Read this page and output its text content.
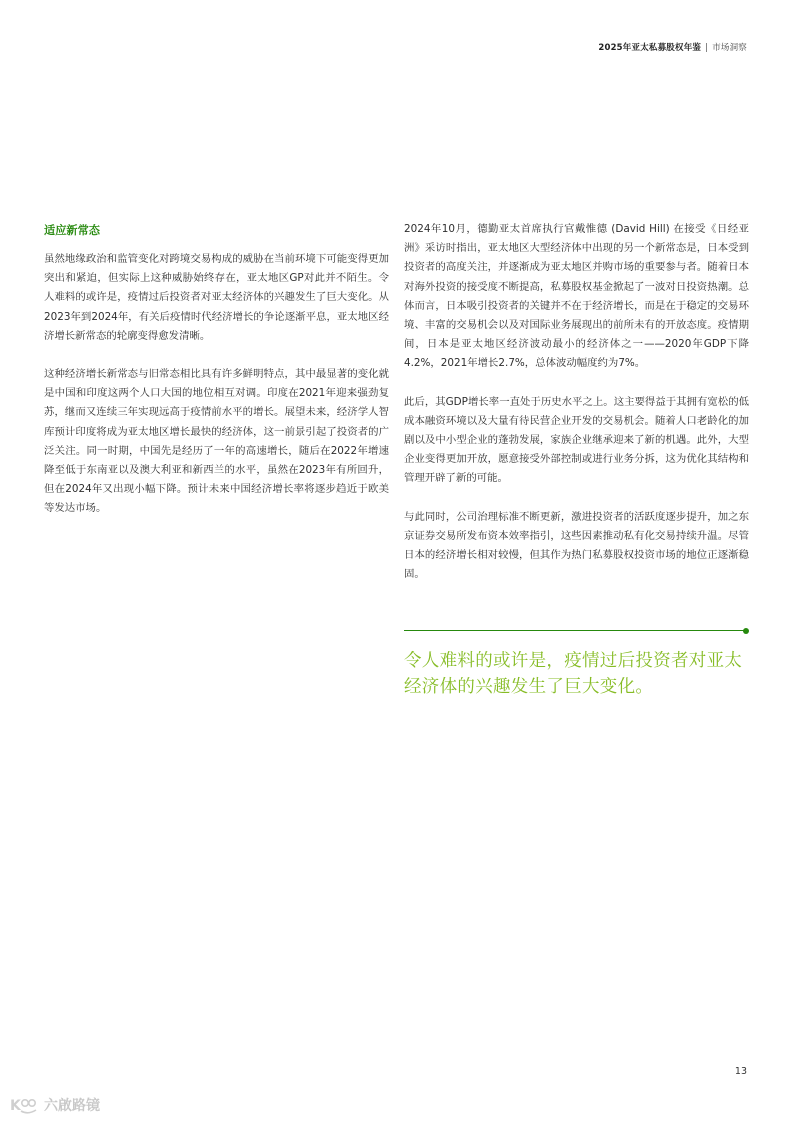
2025年亚太私募股权年鉴 | 市场洞察
适应新常态

虽然地缘政治和监管变化对跨境交易构成的威胁在当前环境下可能变得更加突出和紧迫，但实际上这种威胁始终存在，亚太地区GP对此并不陌生。令人难料的或许是，疫情过后投资者对亚太经济体的兴趣发生了巨大变化。从2023年到2024年，有关后疫情时代经济增长的争论逐渐平息，亚太地区经济增长新常态的轮廓变得愈发清晰。

这种经济增长新常态与旧常态相比具有许多鲜明特点，其中最显著的变化就是中国和印度这两个人口大国的地位相互对调。印度在2021年迎来强劲复苏，继而又连续三年实现远高于疫情前水平的增长。展望未来，经济学人智库预计印度将成为亚太地区增长最快的经济体，这一前景引起了投资者的广泛关注。同一时期，中国先是经历了一年的高速增长，随后在2022年增速降至低于东南亚以及澳大利亚和新西兰的水平，虽然在2023年有所回升，但在2024年又出现小幅下降。预计未来中国经济增长率将逐步趋近于欧美等发达市场。

2024年10月，德勤亚太首席执行官戴惟德 (David Hill) 在接受《日经亚洲》采访时指出，亚太地区大型经济体中出现的另一个新常态是，日本受到投资者的高度关注，并逐渐成为亚太地区并购市场的重要参与者。随着日本对海外投资的接受度不断提高，私募股权基金掀起了一波对日投资热潮。总体而言，日本吸引投资者的关键并不在于经济增长，而是在于稳定的交易环境、丰富的交易机会以及对国际业务展现出的前所未有的开放态度。疫情期间，日本是亚太地区经济波动最小的经济体之一——2020年GDP下降4.2%，2021年增长2.7%，总体波动幅度约为7%。

此后，其GDP增长率一直处于历史水平之上。这主要得益于其拥有宽松的低成本融资环境以及大量有待民营企业开发的交易机会。随着人口老龄化的加剧以及中小型企业的蓬勃发展，家族企业继承迎来了新的机遇。此外，大型企业变得更加开放，愿意接受外部控制或进行业务分拆，这为优化其结构和管理开辟了新的可能。

与此同时，公司治理标准不断更新，激进投资者的活跃度逐步提升，加之东京证券交易所发布资本效率指引，这些因素推动私有化交易持续升温。尽管日本的经济增长相对较慢，但其作为热门私募股权投资市场的地位正逐渐稳固。

令人难料的或许是，疫情过后投资者对亚太经济体的兴趣发生了巨大变化。
13
K 六啟路镜
